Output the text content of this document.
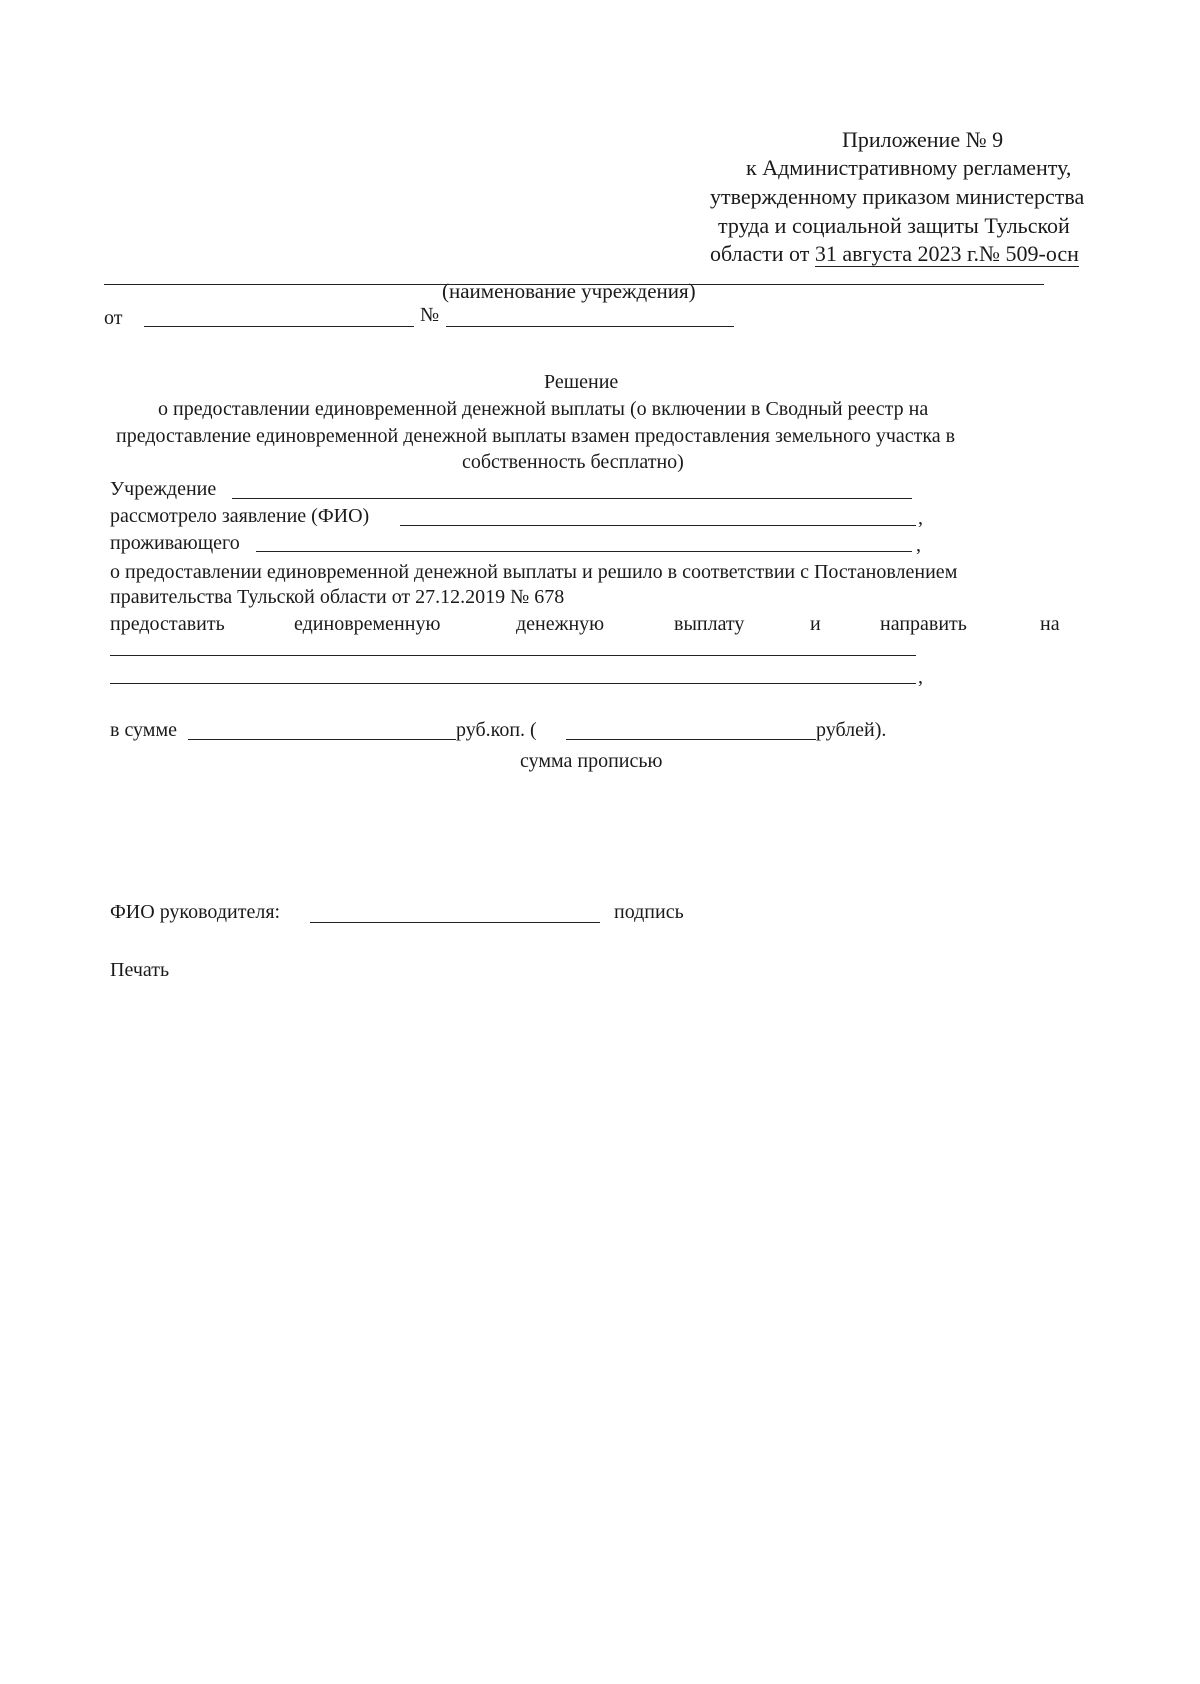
Приложение № 9
к Административному регламенту,
утвержденному приказом министерства
труда и социальной защиты Тульской
области от 31 августа 2023 г.№ 509-осн
(наименование учреждения)
от	№
Решение
о предоставлении единовременной денежной выплаты (о включении в Сводный реестр на
предоставление единовременной денежной выплаты взамен предоставления земельного участка в
собственность бесплатно)
Учреждение
рассмотрело заявление (ФИО)	,
проживающего	,
о предоставлении единовременной денежной выплаты и решило в соответствии с Постановлением
правительства Тульской области от 27.12.2019 № 678
предоставить	единовременную	денежную	выплату	и	направить	на
,
в сумме	руб.коп. (	рублей).
сумма прописью
ФИО руководителя:	подпись
Печать
